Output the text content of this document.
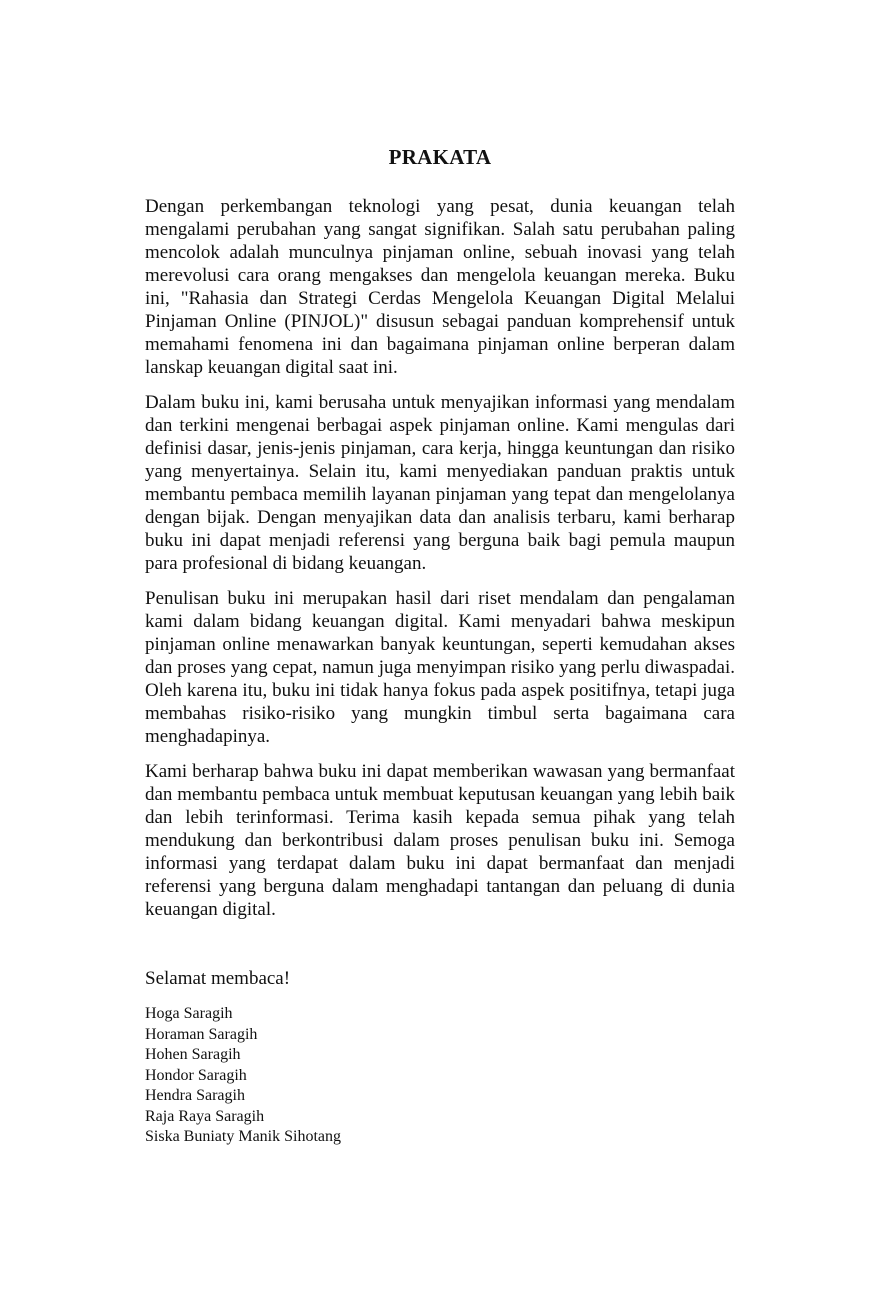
PRAKATA

Dengan perkembangan teknologi yang pesat, dunia keuangan telah mengalami perubahan yang sangat signifikan. Salah satu perubahan paling mencolok adalah munculnya pinjaman online, sebuah inovasi yang telah merevolusi cara orang mengakses dan mengelola keuangan mereka. Buku ini, "Rahasia dan Strategi Cerdas Mengelola Keuangan Digital Melalui Pinjaman Online (PINJOL)" disusun sebagai panduan komprehensif untuk memahami fenomena ini dan bagaimana pinjaman online berperan dalam lanskap keuangan digital saat ini.

Dalam buku ini, kami berusaha untuk menyajikan informasi yang mendalam dan terkini mengenai berbagai aspek pinjaman online. Kami mengulas dari definisi dasar, jenis-jenis pinjaman, cara kerja, hingga keuntungan dan risiko yang menyertainya. Selain itu, kami menyediakan panduan praktis untuk membantu pembaca memilih layanan pinjaman yang tepat dan mengelolanya dengan bijak. Dengan menyajikan data dan analisis terbaru, kami berharap buku ini dapat menjadi referensi yang berguna baik bagi pemula maupun para profesional di bidang keuangan.

Penulisan buku ini merupakan hasil dari riset mendalam dan pengalaman kami dalam bidang keuangan digital. Kami menyadari bahwa meskipun pinjaman online menawarkan banyak keuntungan, seperti kemudahan akses dan proses yang cepat, namun juga menyimpan risiko yang perlu diwaspadai. Oleh karena itu, buku ini tidak hanya fokus pada aspek positifnya, tetapi juga membahas risiko-risiko yang mungkin timbul serta bagaimana cara menghadapinya.

Kami berharap bahwa buku ini dapat memberikan wawasan yang bermanfaat dan membantu pembaca untuk membuat keputusan keuangan yang lebih baik dan lebih terinformasi. Terima kasih kepada semua pihak yang telah mendukung dan berkontribusi dalam proses penulisan buku ini. Semoga informasi yang terdapat dalam buku ini dapat bermanfaat dan menjadi referensi yang berguna dalam menghadapi tantangan dan peluang di dunia keuangan digital.

Selamat membaca!

Hoga Saragih
Horaman Saragih
Hohen Saragih
Hondor Saragih
Hendra Saragih
Raja Raya Saragih
Siska Buniaty Manik Sihotang
